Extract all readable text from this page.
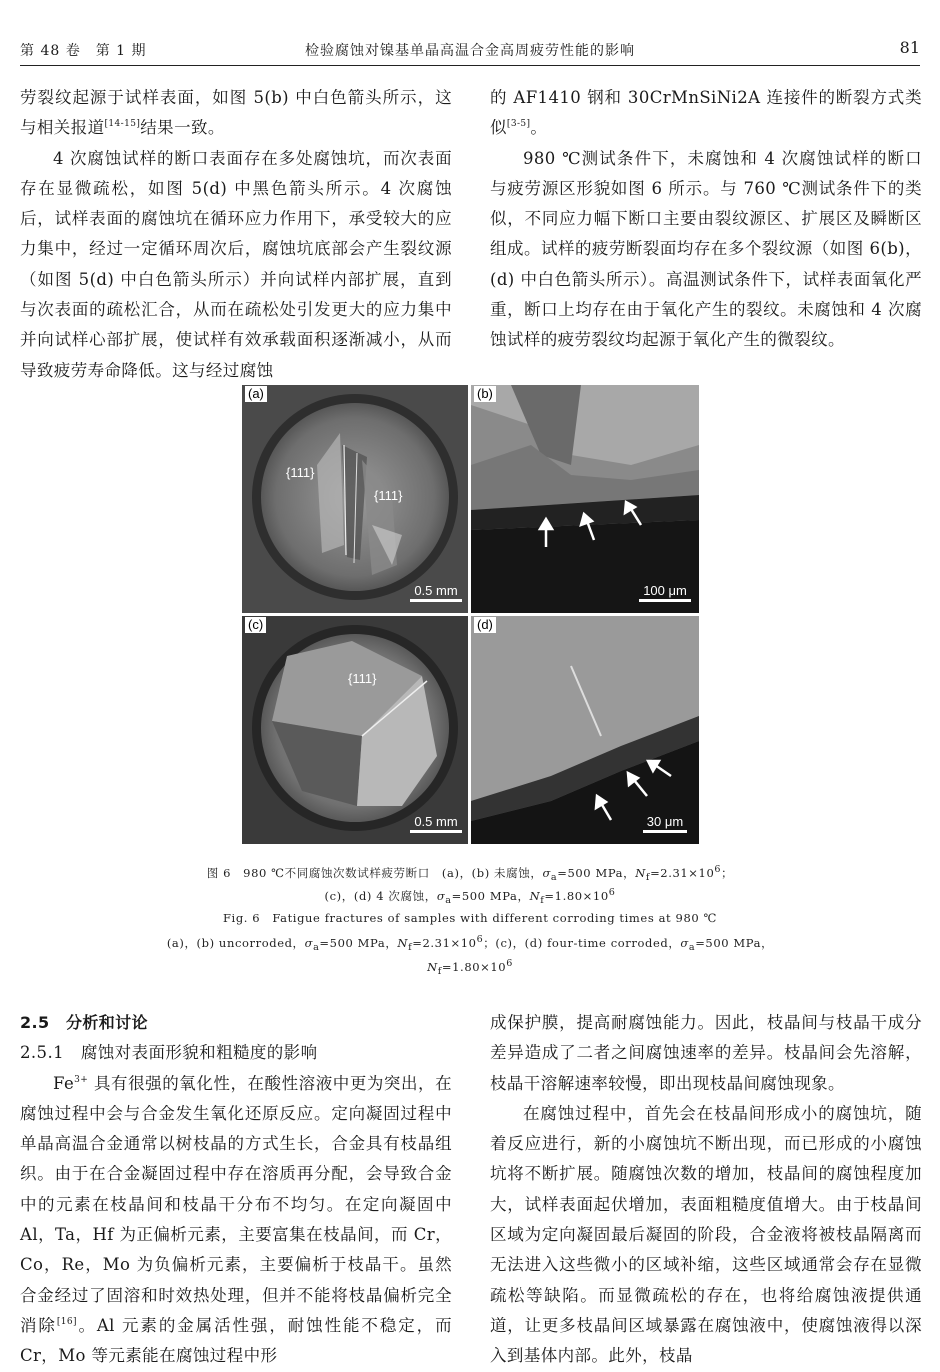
第 48 卷　第 1 期	检验腐蚀对镍基单晶高温合金高周疲劳性能的影响	81

劳裂纹起源于试样表面，如图 5(b) 中白色箭头所示，这与相关报道[14-15]结果一致。

4 次腐蚀试样的断口表面存在多处腐蚀坑，而次表面存在显微疏松，如图 5(d) 中黑色箭头所示。4 次腐蚀后，试样表面的腐蚀坑在循环应力作用下，承受较大的应力集中，经过一定循环周次后，腐蚀坑底部会产生裂纹源（如图 5(d) 中白色箭头所示）并向试样内部扩展，直到与次表面的疏松汇合，从而在疏松处引发更大的应力集中并向试样心部扩展，使试样有效承载面积逐渐减小，从而导致疲劳寿命降低。这与经过腐蚀

的 AF1410 钢和 30CrMnSiNi2A 连接件的断裂方式类似[3-5]。

980 ℃测试条件下，未腐蚀和 4 次腐蚀试样的断口与疲劳源区形貌如图 6 所示。与 760 ℃测试条件下的类似，不同应力幅下断口主要由裂纹源区、扩展区及瞬断区组成。试样的疲劳断裂面均存在多个裂纹源（如图 6(b)，(d) 中白色箭头所示）。高温测试条件下，试样表面氧化严重，断口上均存在由于氧化产生的裂纹。未腐蚀和 4 次腐蚀试样的疲劳裂纹均起源于氧化产生的微裂纹。

(a)
{111}
{111}
0.5 mm
(b)
100 μm
(c)
{111}
0.5 mm
(d)
30 μm
图 6　980 ℃不同腐蚀次数试样疲劳断口　(a)，(b) 未腐蚀，$\sigma_a=500$ MPa，$N_f=2.31\times 10^6$；
(c)，(d) 4 次腐蚀，$\sigma_a=500$ MPa，$N_f=1.80\times 10^6$
Fig. 6　Fatigue fractures of samples with different corroding times at 980 ℃
(a)，(b) uncorroded，$\sigma_a=500$ MPa，$N_f=2.31\times 10^6$；(c)，(d) four-time corroded，$\sigma_a=500$ MPa，
$N_f=1.80\times 10^6$

2.5　分析和讨论

2.5.1　腐蚀对表面形貌和粗糙度的影响

$Fe^{3+}$ 具有很强的氧化性，在酸性溶液中更为突出，在腐蚀过程中会与合金发生氧化还原反应。定向凝固过程中单晶高温合金通常以树枝晶的方式生长，合金具有枝晶组织。由于在合金凝固过程中存在溶质再分配，会导致合金中的元素在枝晶间和枝晶干分布不均匀。在定向凝固中 Al，Ta，Hf 为正偏析元素，主要富集在枝晶间，而 Cr，Co，Re，Mo 为负偏析元素，主要偏析于枝晶干。虽然合金经过了固溶和时效热处理，但并不能将枝晶偏析完全消除[16]。Al 元素的金属活性强，耐蚀性能不稳定，而 Cr，Mo 等元素能在腐蚀过程中形

成保护膜，提高耐腐蚀能力。因此，枝晶间与枝晶干成分差异造成了二者之间腐蚀速率的差异。枝晶间会先溶解，枝晶干溶解速率较慢，即出现枝晶间腐蚀现象。

在腐蚀过程中，首先会在枝晶间形成小的腐蚀坑，随着反应进行，新的小腐蚀坑不断出现，而已形成的小腐蚀坑将不断扩展。随腐蚀次数的增加，枝晶间的腐蚀程度加大，试样表面起伏增加，表面粗糙度值增大。由于枝晶间区域为定向凝固最后凝固的阶段，合金液将被枝晶隔离而无法进入这些微小的区域补缩，这些区域通常会存在显微疏松等缺陷。而显微疏松的存在，也将给腐蚀液提供通道，让更多枝晶间区域暴露在腐蚀液中，使腐蚀液得以深入到基体内部。此外，枝晶
